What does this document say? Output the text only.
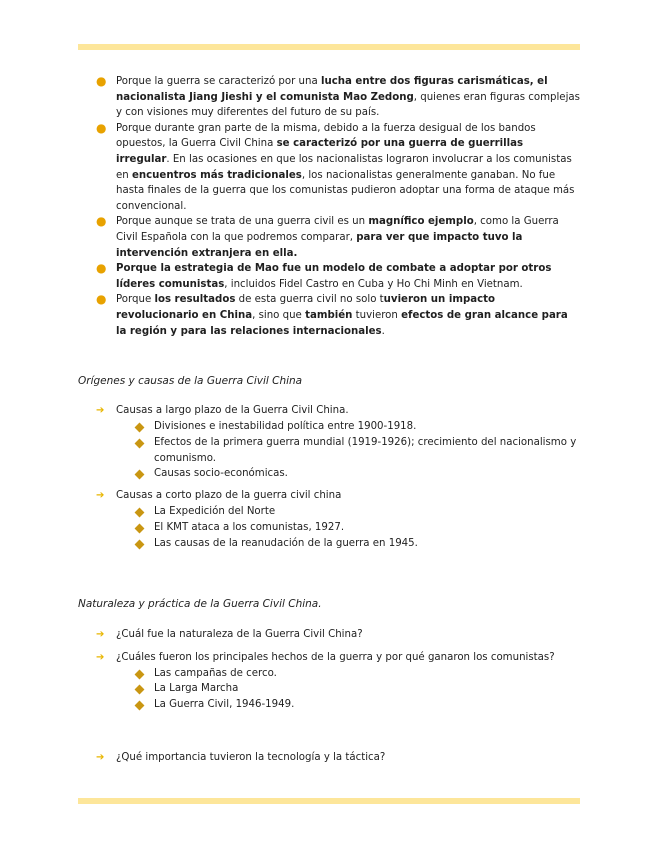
● Porque la guerra se caracterizó por una lucha entre dos figuras carismáticas, el nacionalista Jiang Jieshi y el comunista Mao Zedong, quienes eran figuras complejas y con visiones muy diferentes del futuro de su país.
● Porque durante gran parte de la misma, debido a la fuerza desigual de los bandos opuestos, la Guerra Civil China se caracterizó por una guerra de guerrillas irregular. En las ocasiones en que los nacionalistas lograron involucrar a los comunistas en encuentros más tradicionales, los nacionalistas generalmente ganaban. No fue hasta finales de la guerra que los comunistas pudieron adoptar una forma de ataque más convencional.
● Porque aunque se trata de una guerra civil es un magnífico ejemplo, como la Guerra Civil Española con la que podremos comparar, para ver que impacto tuvo la intervención extranjera en ella.
● Porque la estrategia de Mao fue un modelo de combate a adoptar por otros líderes comunistas, incluidos Fidel Castro en Cuba y Ho Chi Minh en Vietnam.
● Porque los resultados de esta guerra civil no solo tuvieron un impacto revolucionario en China, sino que también tuvieron efectos de gran alcance para la región y para las relaciones internacionales.
Orígenes y causas de la Guerra Civil China
➔ Causas a largo plazo de la Guerra Civil China.
Divisiones e inestabilidad política entre 1900-1918.
Efectos de la primera guerra mundial (1919-1926); crecimiento del nacionalismo y comunismo.
Causas socio-económicas.
➔ Causas a corto plazo de la guerra civil china
La Expedición del Norte
El KMT ataca a los comunistas, 1927.
Las causas de la reanudación de la guerra en 1945.
Naturaleza y práctica de la Guerra Civil China.
➔ ¿Cuál fue la naturaleza de la Guerra Civil China?
➔ ¿Cuáles fueron los principales hechos de la guerra y por qué ganaron los comunistas?
Las campañas de cerco.
La Larga Marcha
La Guerra Civil, 1946-1949.
➔ ¿Qué importancia tuvieron la tecnología y la táctica?
